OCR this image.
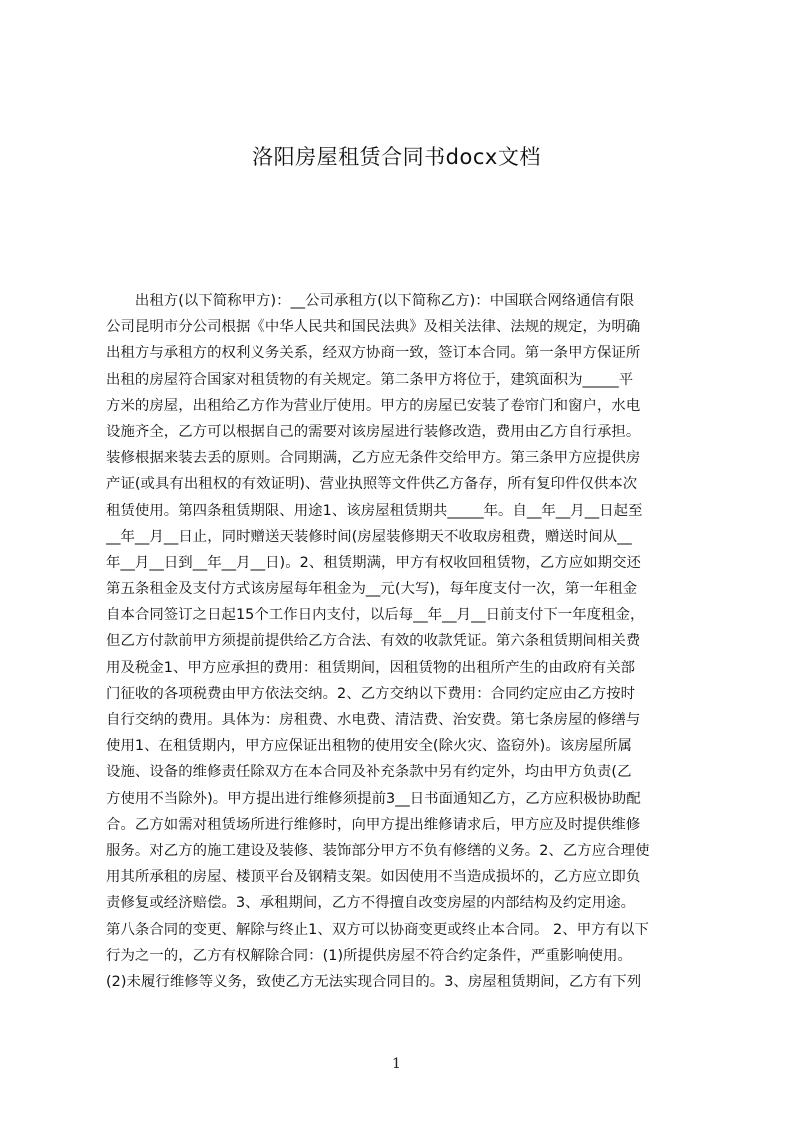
洛阳房屋租赁合同书docx文档
　　出租方(以下简称甲方)：__公司承租方(以下简称乙方)：中国联合网络通信有限
公司昆明市分公司根据《中华人民共和国民法典》及相关法律、法规的规定，为明确
出租方与承租方的权利义务关系，经双方协商一致，签订本合同。第一条甲方保证所
出租的房屋符合国家对租赁物的有关规定。第二条甲方将位于，建筑面积为_____平
方米的房屋，出租给乙方作为营业厅使用。甲方的房屋已安装了卷帘门和窗户，水电
设施齐全，乙方可以根据自己的需要对该房屋进行装修改造，费用由乙方自行承担。
装修根据来装去丢的原则。合同期满，乙方应无条件交给甲方。第三条甲方应提供房
产证(或具有出租权的有效证明)、营业执照等文件供乙方备存，所有复印件仅供本次
租赁使用。第四条租赁期限、用途1、该房屋租赁期共_____年。自__年__月__日起至
__年__月__日止，同时赠送天装修时间(房屋装修期天不收取房租费，赠送时间从__
年__月__日到__年__月__日)。2、租赁期满，甲方有权收回租赁物，乙方应如期交还
第五条租金及支付方式该房屋每年租金为__元(大写)，每年度支付一次，第一年租金
自本合同签订之日起15个工作日内支付，以后每__年__月__日前支付下一年度租金，
但乙方付款前甲方须提前提供给乙方合法、有效的收款凭证。第六条租赁期间相关费
用及税金1、甲方应承担的费用：租赁期间，因租赁物的出租所产生的由政府有关部
门征收的各项税费由甲方依法交纳。2、乙方交纳以下费用：合同约定应由乙方按时
自行交纳的费用。具体为：房租费、水电费、清洁费、治安费。第七条房屋的修缮与
使用1、在租赁期内，甲方应保证出租物的使用安全(除火灾、盗窃外)。该房屋所属
设施、设备的维修责任除双方在本合同及补充条款中另有约定外，均由甲方负责(乙
方使用不当除外)。甲方提出进行维修须提前3__日书面通知乙方，乙方应积极协助配
合。乙方如需对租赁场所进行维修时，向甲方提出维修请求后，甲方应及时提供维修
服务。对乙方的施工建设及装修、装饰部分甲方不负有修缮的义务。2、乙方应合理使
用其所承租的房屋、楼顶平台及钢精支架。如因使用不当造成损坏的，乙方应立即负
责修复或经济赔偿。3、承租期间，乙方不得擅自改变房屋的内部结构及约定用途。
第八条合同的变更、解除与终止1、双方可以协商变更或终止本合同。 2、甲方有以下
行为之一的，乙方有权解除合同：(1)所提供房屋不符合约定条件，严重影响使用。
(2)未履行维修等义务，致使乙方无法实现合同目的。3、房屋租赁期间，乙方有下列
1
